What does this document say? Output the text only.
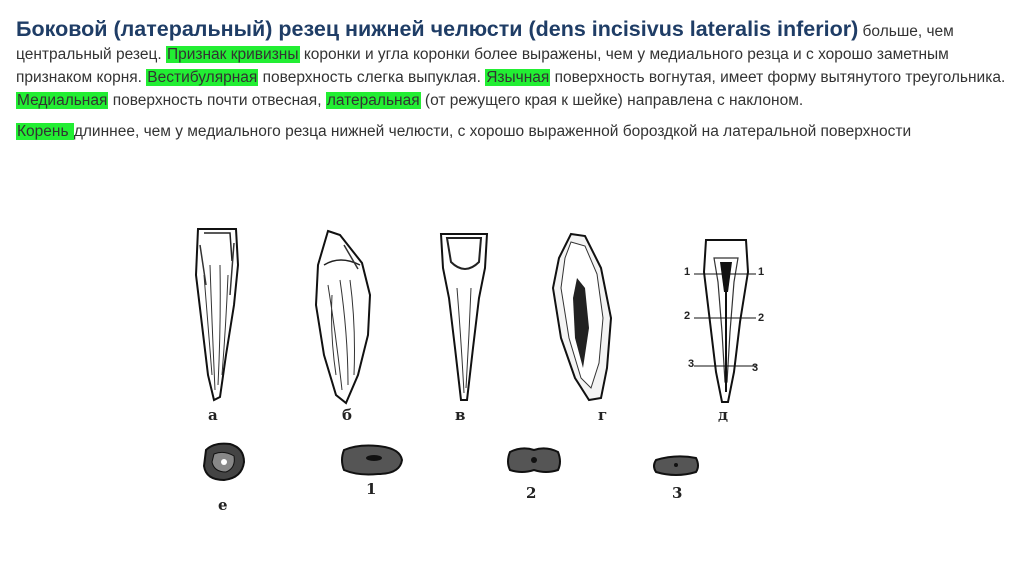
Боковой (латеральный) резец нижней челюсти (dens incisivus lateralis inferior) больше, чем центральный резец. Признак кривизны коронки и угла коронки более выражены, чем у медиального резца и с хорошо заметным признаком корня. Вестибулярная поверхность слегка выпуклая. Язычная поверхность вогнутая, имеет форму вытянутого треугольника. Медиальная поверхность почти отвесная, латеральная (от режущего края к шейке) направлена с наклоном.

Корень длиннее, чем у медиального резца нижней челюсти, с хорошо выраженной бороздкой на латеральной поверхности

а	б	в	г
1	1
2	2
3	3
д
е
1	2	3
